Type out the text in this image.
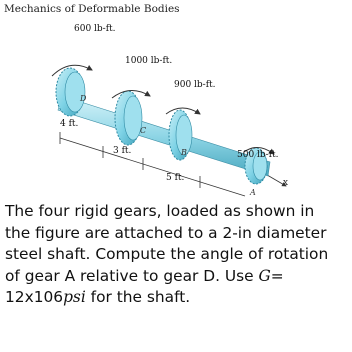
Mechanics of Deformable Bodies
600 lb-ft.
1000 lb-ft.
900 lb-ft.
500 lb-ft.
4 ft.
3 ft.
5 ft.
D
C
B
A
x

The four rigid gears, loaded as shown in

the figure are attached to a 2-in diameter

steel shaft. Compute the angle of rotation

of gear A relative to gear D. Use G=

12x106psi for the shaft.
